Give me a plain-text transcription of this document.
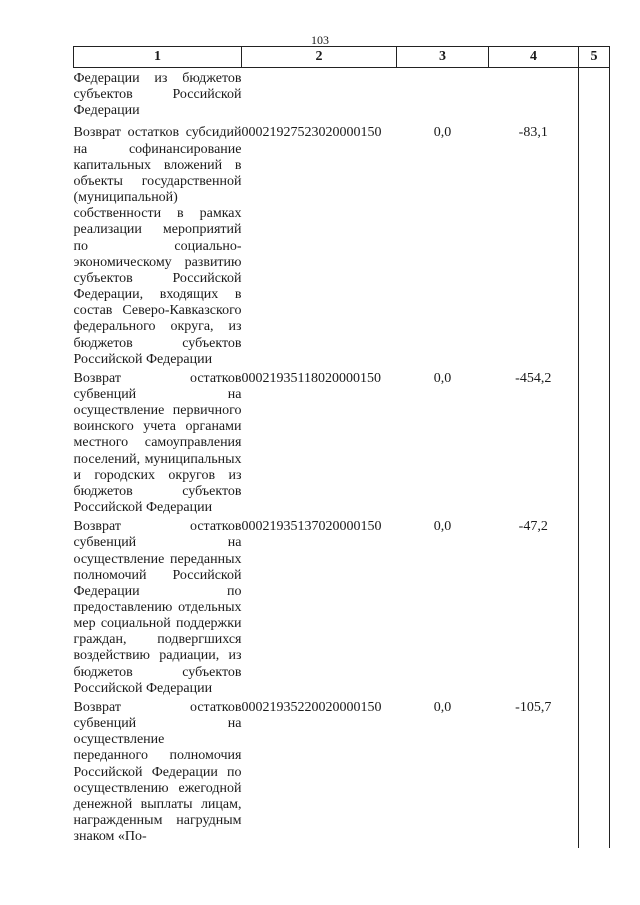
103
1	2	3	4	5
Федерации из бюджетов субъектов Российской Федерации				
Возврат остатков субсидий на софинансирование капитальных вложений в объекты государственной (муниципальной) собственности в рамках реализации мероприятий по социально-экономическому развитию субъектов Российской Федерации, входящих в состав Северо-Кавказского федерального округа, из бюджетов субъектов Российской Федерации	00021927523020000150	0,0	-83,1	
Возврат остатков субвенций на осуществление первичного воинского учета органами местного самоуправления поселений, муниципальных и городских округов из бюджетов субъектов Российской Федерации	00021935118020000150	0,0	-454,2	
Возврат остатков субвенций на осуществление переданных полномочий Российской Федерации по предоставлению отдельных мер социальной поддержки граждан, подвергшихся воздействию радиации, из бюджетов субъектов Российской Федерации	00021935137020000150	0,0	-47,2	
Возврат остатков субвенций на осуществление переданного полномочия Российской Федерации по осуществлению ежегодной денежной выплаты лицам, награжденным нагрудным знаком «По-	00021935220020000150	0,0	-105,7	
